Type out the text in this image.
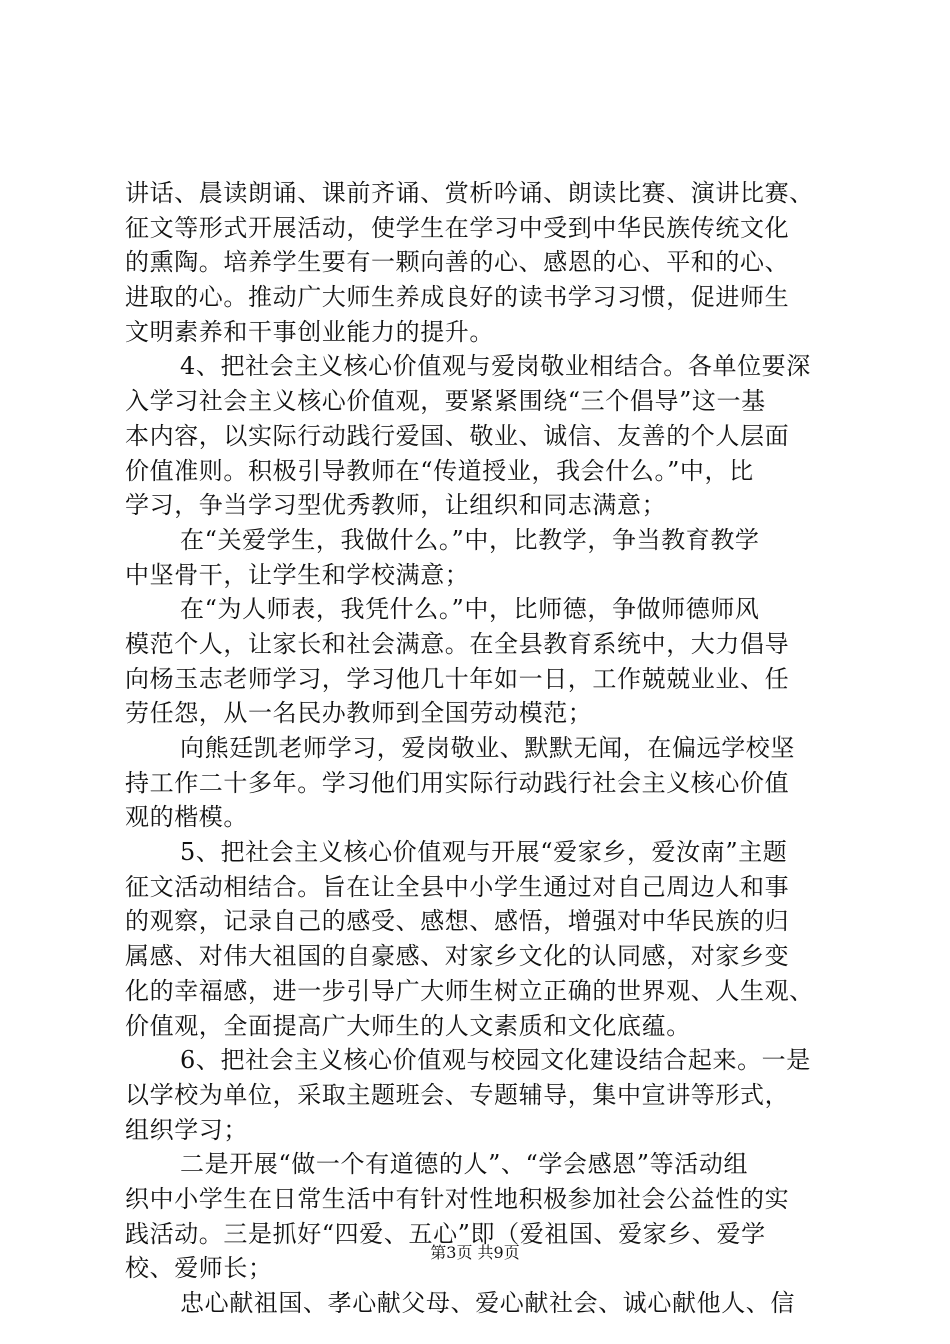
讲话、晨读朗诵、课前齐诵、赏析吟诵、朗读比赛、演讲比赛、
征文等形式开展活动，使学生在学习中受到中华民族传统文化
的熏陶。培养学生要有一颗向善的心、感恩的心、平和的心、
进取的心。推动广大师生养成良好的读书学习习惯，促进师生
文明素养和干事创业能力的提升。
4、把社会主义核心价值观与爱岗敬业相结合。各单位要深
入学习社会主义核心价值观，要紧紧围绕“三个倡导”这一基
本内容，以实际行动践行爱国、敬业、诚信、友善的个人层面
价值准则。积极引导教师在“传道授业，我会什么。”中，比
学习，争当学习型优秀教师，让组织和同志满意；
在“关爱学生，我做什么。”中，比教学，争当教育教学
中坚骨干，让学生和学校满意；
在“为人师表，我凭什么。”中，比师德，争做师德师风
模范个人，让家长和社会满意。在全县教育系统中，大力倡导
向杨玉志老师学习，学习他几十年如一日，工作兢兢业业、任
劳任怨，从一名民办教师到全国劳动模范；
向熊廷凯老师学习，爱岗敬业、默默无闻，在偏远学校坚
持工作二十多年。学习他们用实际行动践行社会主义核心价值
观的楷模。
5、把社会主义核心价值观与开展“爱家乡，爱汝南”主题
征文活动相结合。旨在让全县中小学生通过对自己周边人和事
的观察，记录自己的感受、感想、感悟，增强对中华民族的归
属感、对伟大祖国的自豪感、对家乡文化的认同感，对家乡变
化的幸福感，进一步引导广大师生树立正确的世界观、人生观、
价值观，全面提高广大师生的人文素质和文化底蕴。
6、把社会主义核心价值观与校园文化建设结合起来。一是
以学校为单位，采取主题班会、专题辅导，集中宣讲等形式，
组织学习；
二是开展“做一个有道德的人”、“学会感恩”等活动组
织中小学生在日常生活中有针对性地积极参加社会公益性的实
践活动。三是抓好“四爱、五心”即（爱祖国、爱家乡、爱学
校、爱师长；
忠心献祖国、孝心献父母、爱心献社会、诚心献他人、信
第3页 共9页
